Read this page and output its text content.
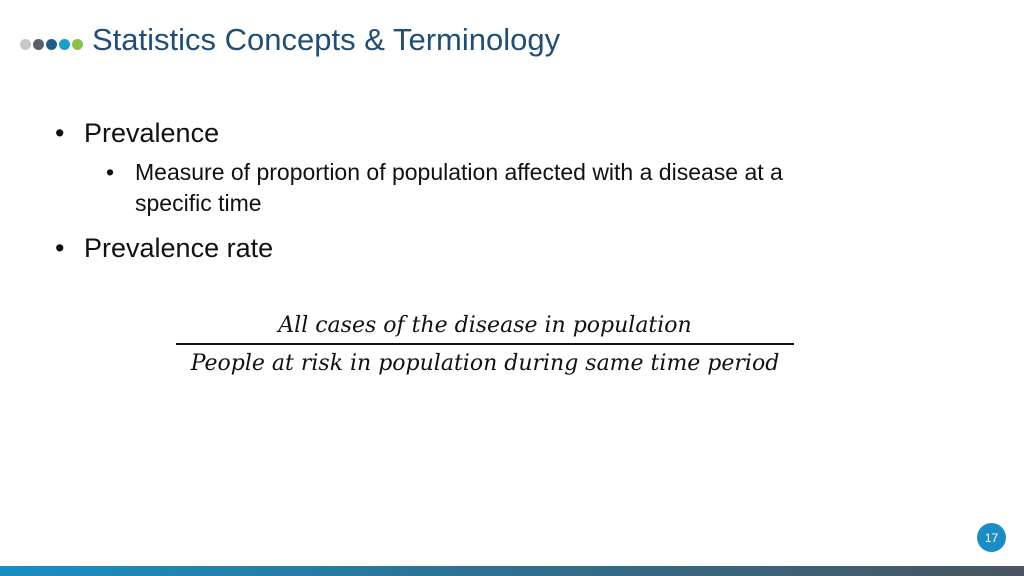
Statistics Concepts & Terminology
• Prevalence
• Measure of proportion of population affected with a disease at a
specific time
• Prevalence rate
All cases of the disease in population
People at risk in population during same time period
17
